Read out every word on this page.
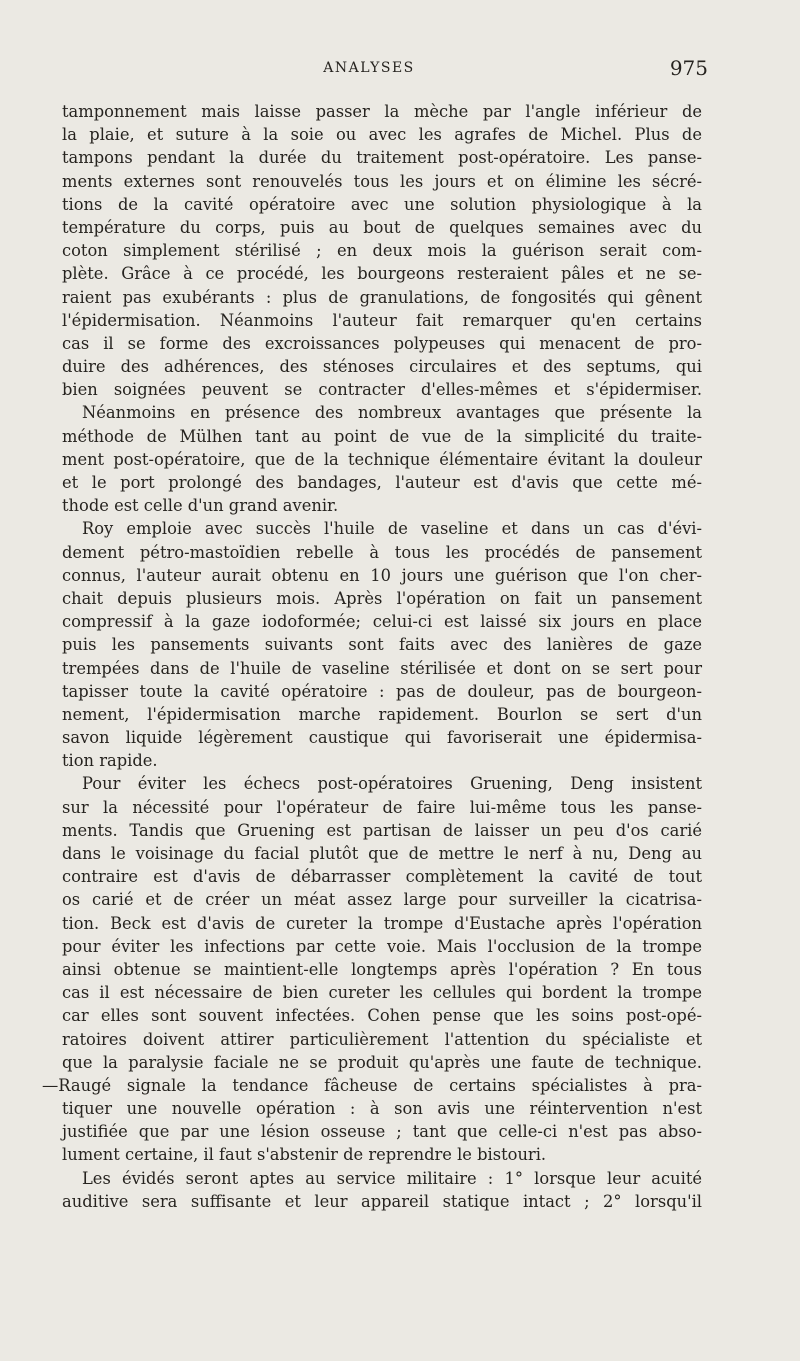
ANALYSES	975
tamponnement mais laisse passer la mèche par l'angle inférieur de
la plaie, et suture à la soie ou avec les agrafes de Michel. Plus de
tampons pendant la durée du traitement post-opératoire. Les panse-
ments externes sont renouvelés tous les jours et on élimine les sécré-
tions de la cavité opératoire avec une solution physiologique à la
température du corps, puis au bout de quelques semaines avec du
coton simplement stérilisé ; en deux mois la guérison serait com-
plète. Grâce à ce procédé, les bourgeons resteraient pâles et ne se-
raient pas exubérants : plus de granulations, de fongosités qui gênent
l'épidermisation. Néanmoins l'auteur fait remarquer qu'en certains
cas il se forme des excroissances polypeuses qui menacent de pro-
duire des adhérences, des sténoses circulaires et des septums, qui
bien soignées peuvent se contracter d'elles-mêmes et s'épidermiser.
Néanmoins en présence des nombreux avantages que présente la
méthode de Mülhen tant au point de vue de la simplicité du traite-
ment post-opératoire, que de la technique élémentaire évitant la douleur
et le port prolongé des bandages, l'auteur est d'avis que cette mé-
thode est celle d'un grand avenir.
Roy emploie avec succès l'huile de vaseline et dans un cas d'évi-
dement pétro-mastoïdien rebelle à tous les procédés de pansement
connus, l'auteur aurait obtenu en 10 jours une guérison que l'on cher-
chait depuis plusieurs mois. Après l'opération on fait un pansement
compressif à la gaze iodoformée; celui-ci est laissé six jours en place
puis les pansements suivants sont faits avec des lanières de gaze
trempées dans de l'huile de vaseline stérilisée et dont on se sert pour
tapisser toute la cavité opératoire : pas de douleur, pas de bourgeon-
nement, l'épidermisation marche rapidement. Bourlon se sert d'un
savon liquide légèrement caustique qui favoriserait une épidermisa-
tion rapide.
Pour éviter les échecs post-opératoires Gruening, Deng insistent
sur la nécessité pour l'opérateur de faire lui-même tous les panse-
ments. Tandis que Gruening est partisan de laisser un peu d'os carié
dans le voisinage du facial plutôt que de mettre le nerf à nu, Deng au
contraire est d'avis de débarrasser complètement la cavité de tout
os carié et de créer un méat assez large pour surveiller la cicatrisa-
tion. Beck est d'avis de cureter la trompe d'Eustache après l'opération
pour éviter les infections par cette voie. Mais l'occlusion de la trompe
ainsi obtenue se maintient-elle longtemps après l'opération ? En tous
cas il est nécessaire de bien cureter les cellules qui bordent la trompe
car elles sont souvent infectées. Cohen pense que les soins post-opé-
ratoires doivent attirer particulièrement l'attention du spécialiste et
que la paralysie faciale ne se produit qu'après une faute de technique.
—Raugé signale la tendance fâcheuse de certains spécialistes à pra-
tiquer une nouvelle opération : à son avis une réintervention n'est
justifiée que par une lésion osseuse ; tant que celle-ci n'est pas abso-
lument certaine, il faut s'abstenir de reprendre le bistouri.
Les évidés seront aptes au service militaire : 1° lorsque leur acuité
auditive sera suffisante et leur appareil statique intact ; 2° lorsqu'il
